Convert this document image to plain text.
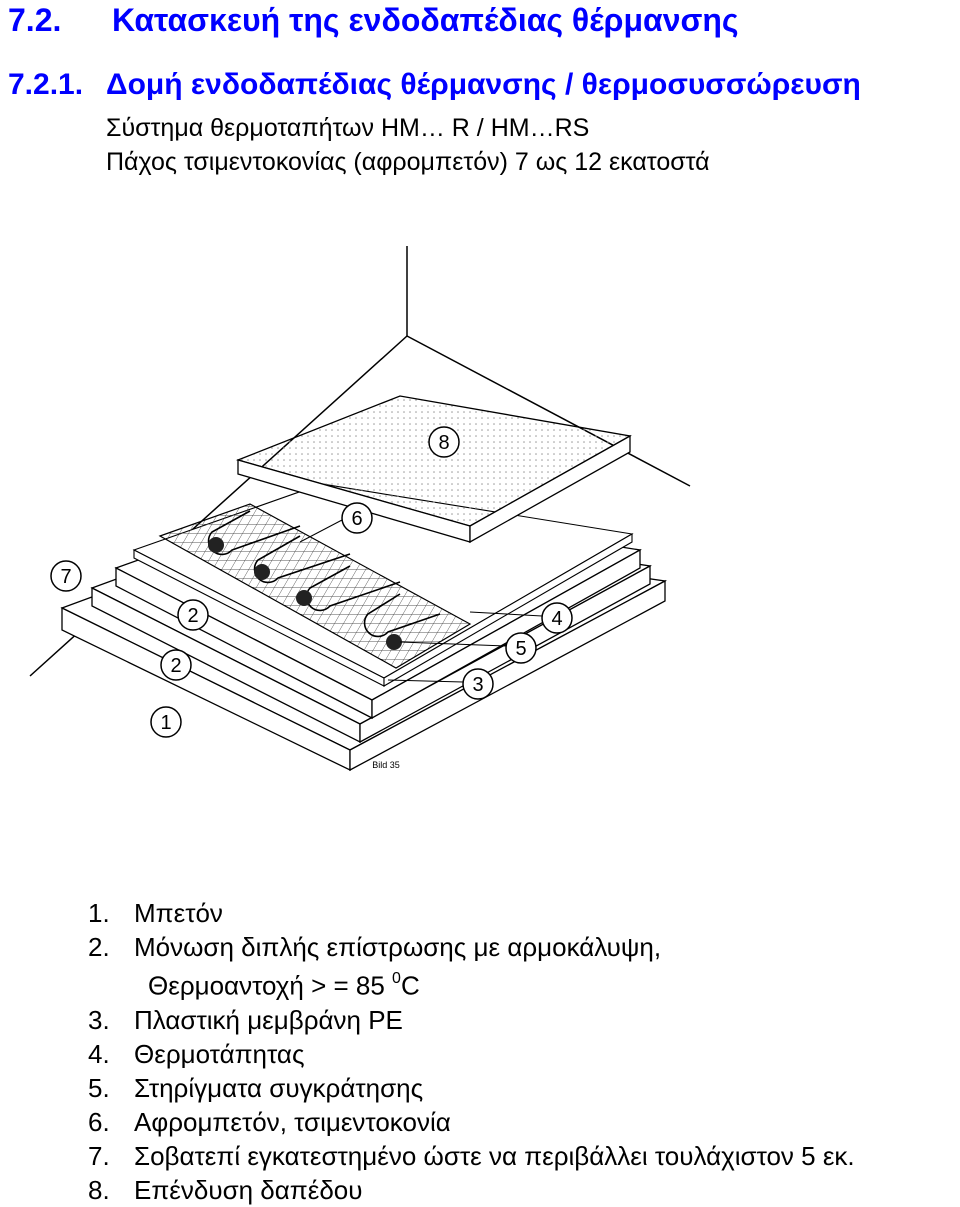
7.2. Κατασκευή της ενδοδαπέδιας θέρμανσης
7.2.1. Δομή ενδοδαπέδιας θέρμανσης / θερμοσυσσώρευση
Σύστημα θερμοταπήτων HM… R / HM…RS
Πάχος τσιμεντοκονίας (αφρομπετόν) 7 ως 12 εκατοστά
8
6
7
2
2
1
4
5
3
Bild 35
1. Μπετόν
2. Μόνωση διπλής επίστρωσης με αρμοκάλυψη,
Θερμοαντοχή > = 85 $^0$C
3. Πλαστική μεμβράνη PE
4. Θερμοτάπητας
5. Στηρίγματα συγκράτησης
6. Αφρομπετόν, τσιμεντοκονία
7. Σοβατεπί εγκατεστημένο ώστε να περιβάλλει τουλάχιστον 5 εκ.
8. Επένδυση δαπέδου
